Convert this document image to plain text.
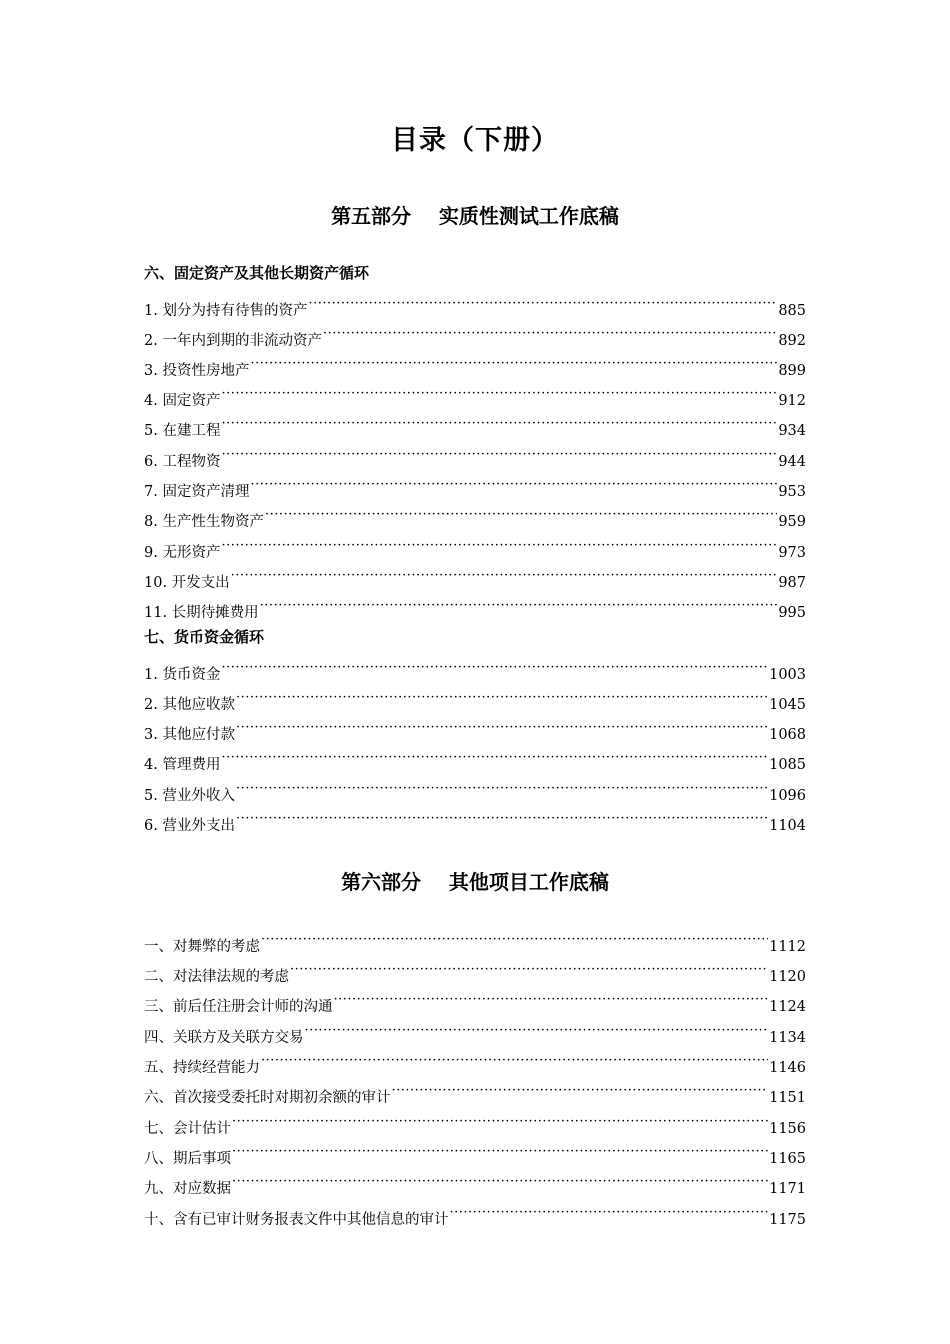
目录（下册）
第五部分    实质性测试工作底稿
六、固定资产及其他长期资产循环
1. 划分为持有待售的资产 ·····	885
2. 一年内到期的非流动资产 ·····	892
3. 投资性房地产 ·····	899
4. 固定资产 ·····	912
5. 在建工程 ·····	934
6. 工程物资 ·····	944
7. 固定资产清理 ·····	953
8. 生产性生物资产 ·····	959
9. 无形资产 ·····	973
10. 开发支出 ·····	987
11. 长期待摊费用 ·····	995
七、货币资金循环
1. 货币资金 ·····	1003
2. 其他应收款 ·····	1045
3. 其他应付款 ·····	1068
4. 管理费用 ·····	1085
5. 营业外收入 ·····	1096
6. 营业外支出 ·····	1104
第六部分    其他项目工作底稿
一、对舞弊的考虑 ·····	1112
二、对法律法规的考虑 ·····	1120
三、前后任注册会计师的沟通 ·····	1124
四、关联方及关联方交易 ·····	1134
五、持续经营能力 ·····	1146
六、首次接受委托时对期初余额的审计 ·····	1151
七、会计估计 ·····	1156
八、期后事项 ·····	1165
九、对应数据 ·····	1171
十、含有已审计财务报表文件中其他信息的审计 ·····	1175
